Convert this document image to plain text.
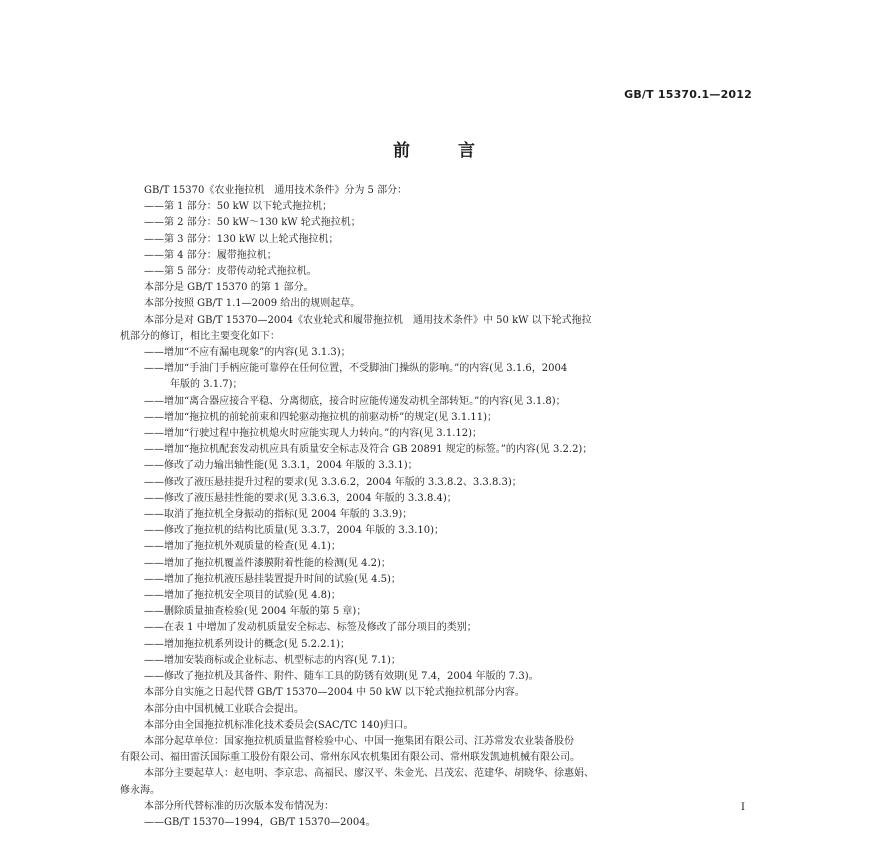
GB/T 15370.1—2012
前	言
GB/T 15370《农业拖拉机　通用技术条件》分为 5 部分：
——第 1 部分：50 kW 以下轮式拖拉机；
——第 2 部分：50 kW～130 kW 轮式拖拉机；
——第 3 部分：130 kW 以上轮式拖拉机；
——第 4 部分：履带拖拉机；
——第 5 部分：皮带传动轮式拖拉机。
本部分是 GB/T 15370 的第 1 部分。
本部分按照 GB/T 1.1—2009 给出的规则起草。
本部分是对 GB/T 15370—2004《农业轮式和履带拖拉机　通用技术条件》中 50 kW 以下轮式拖拉
机部分的修订，相比主要变化如下：
——增加“不应有漏电现象”的内容(见 3.1.3)；
——增加“手油门手柄应能可靠停在任何位置，不受脚油门操纵的影响。”的内容(见 3.1.6，2004
年版的 3.1.7)；
——增加“离合器应接合平稳、分离彻底，接合时应能传递发动机全部转矩。”的内容(见 3.1.8)；
——增加“拖拉机的前轮前束和四轮驱动拖拉机的前驱动桥”的规定(见 3.1.11)；
——增加“行驶过程中拖拉机熄火时应能实现人力转向。”的内容(见 3.1.12)；
——增加“拖拉机配套发动机应具有质量安全标志及符合 GB 20891 规定的标签。”的内容(见 3.2.2)；
——修改了动力输出轴性能(见 3.3.1，2004 年版的 3.3.1)；
——修改了液压悬挂提升过程的要求(见 3.3.6.2，2004 年版的 3.3.8.2、3.3.8.3)；
——修改了液压悬挂性能的要求(见 3.3.6.3，2004 年版的 3.3.8.4)；
——取消了拖拉机全身振动的指标(见 2004 年版的 3.3.9)；
——修改了拖拉机的结构比质量(见 3.3.7，2004 年版的 3.3.10)；
——增加了拖拉机外观质量的检查(见 4.1)；
——增加了拖拉机覆盖件漆膜附着性能的检测(见 4.2)；
——增加了拖拉机液压悬挂装置提升时间的试验(见 4.5)；
——增加了拖拉机安全项目的试验(见 4.8)；
——删除质量抽查检验(见 2004 年版的第 5 章)；
——在表 1 中增加了发动机质量安全标志、标签及修改了部分项目的类别；
——增加拖拉机系列设计的概念(见 5.2.2.1)；
——增加安装商标或企业标志、机型标志的内容(见 7.1)；
——修改了拖拉机及其备件、附件、随车工具的防锈有效期(见 7.4，2004 年版的 7.3)。
本部分自实施之日起代替 GB/T 15370—2004 中 50 kW 以下轮式拖拉机部分内容。
本部分由中国机械工业联合会提出。
本部分由全国拖拉机标准化技术委员会(SAC/TC 140)归口。
本部分起草单位：国家拖拉机质量监督检验中心、中国一拖集团有限公司、江苏常发农业装备股份
有限公司、福田雷沃国际重工股份有限公司、常州东风农机集团有限公司、常州联发凯迪机械有限公司。
本部分主要起草人：赵电明、李京忠、高福民、廖汉平、朱金光、吕茂宏、范建华、胡晓华、徐惠娟、
修永海。
本部分所代替标准的历次版本发布情况为：
——GB/T 15370—1994，GB/T 15370—2004。
I
